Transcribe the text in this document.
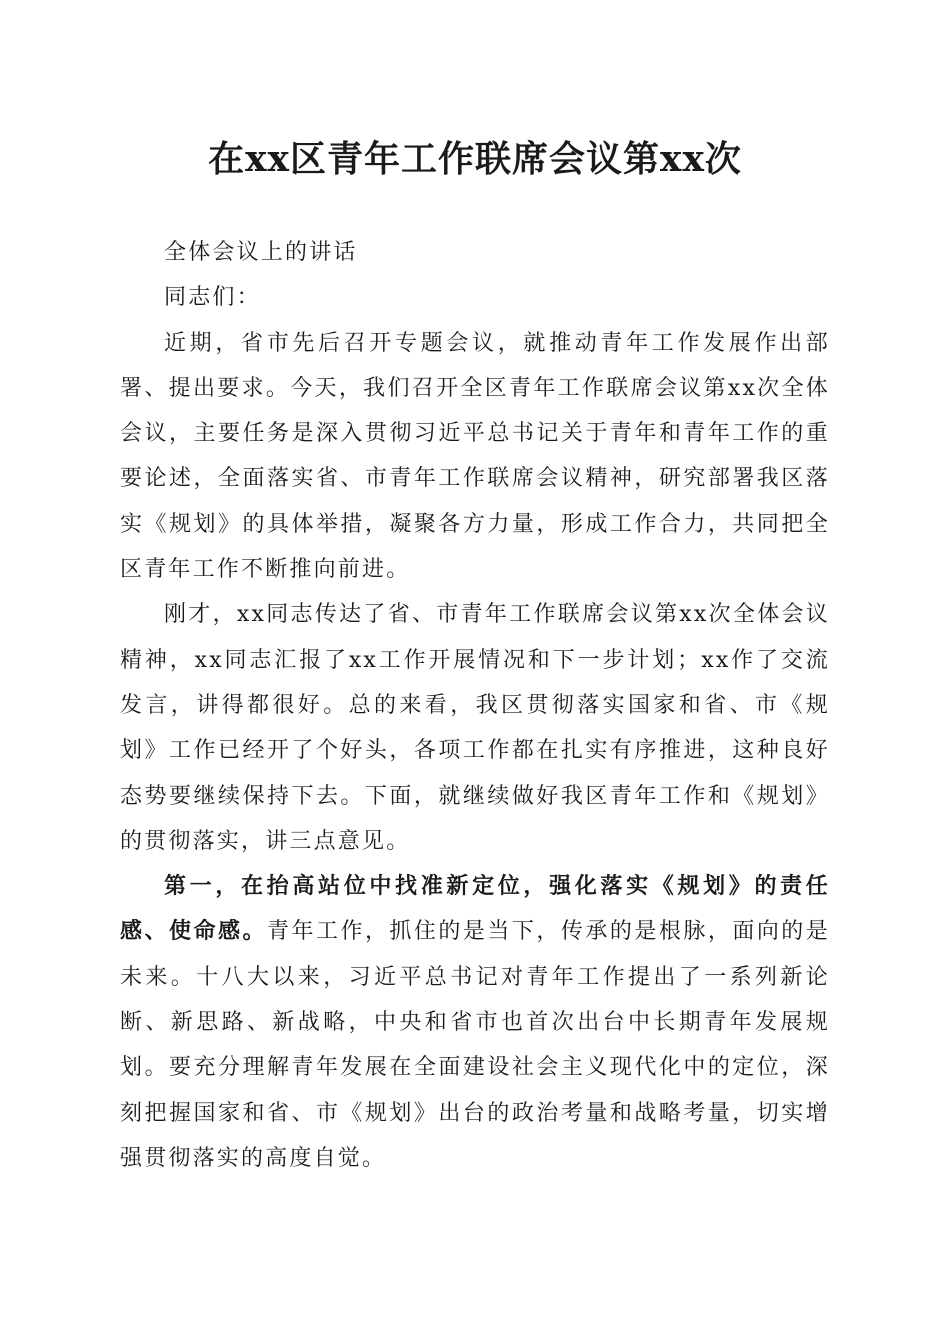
在xx区青年工作联席会议第xx次

全体会议上的讲话

同志们：

近期，省市先后召开专题会议，就推动青年工作发展作出部署、提出要求。今天，我们召开全区青年工作联席会议第xx次全体会议，主要任务是深入贯彻习近平总书记关于青年和青年工作的重要论述，全面落实省、市青年工作联席会议精神，研究部署我区落实《规划》的具体举措，凝聚各方力量，形成工作合力，共同把全区青年工作不断推向前进。

刚才，xx同志传达了省、市青年工作联席会议第xx次全体会议精神，xx同志汇报了xx工作开展情况和下一步计划；xx作了交流发言，讲得都很好。总的来看，我区贯彻落实国家和省、市《规划》工作已经开了个好头，各项工作都在扎实有序推进，这种良好态势要继续保持下去。下面，就继续做好我区青年工作和《规划》的贯彻落实，讲三点意见。

第一，在抬高站位中找准新定位，强化落实《规划》的责任感、使命感。青年工作，抓住的是当下，传承的是根脉，面向的是未来。十八大以来，习近平总书记对青年工作提出了一系列新论断、新思路、新战略，中央和省市也首次出台中长期青年发展规划。要充分理解青年发展在全面建设社会主义现代化中的定位，深刻把握国家和省、市《规划》出台的政治考量和战略考量，切实增强贯彻落实的高度自觉。
